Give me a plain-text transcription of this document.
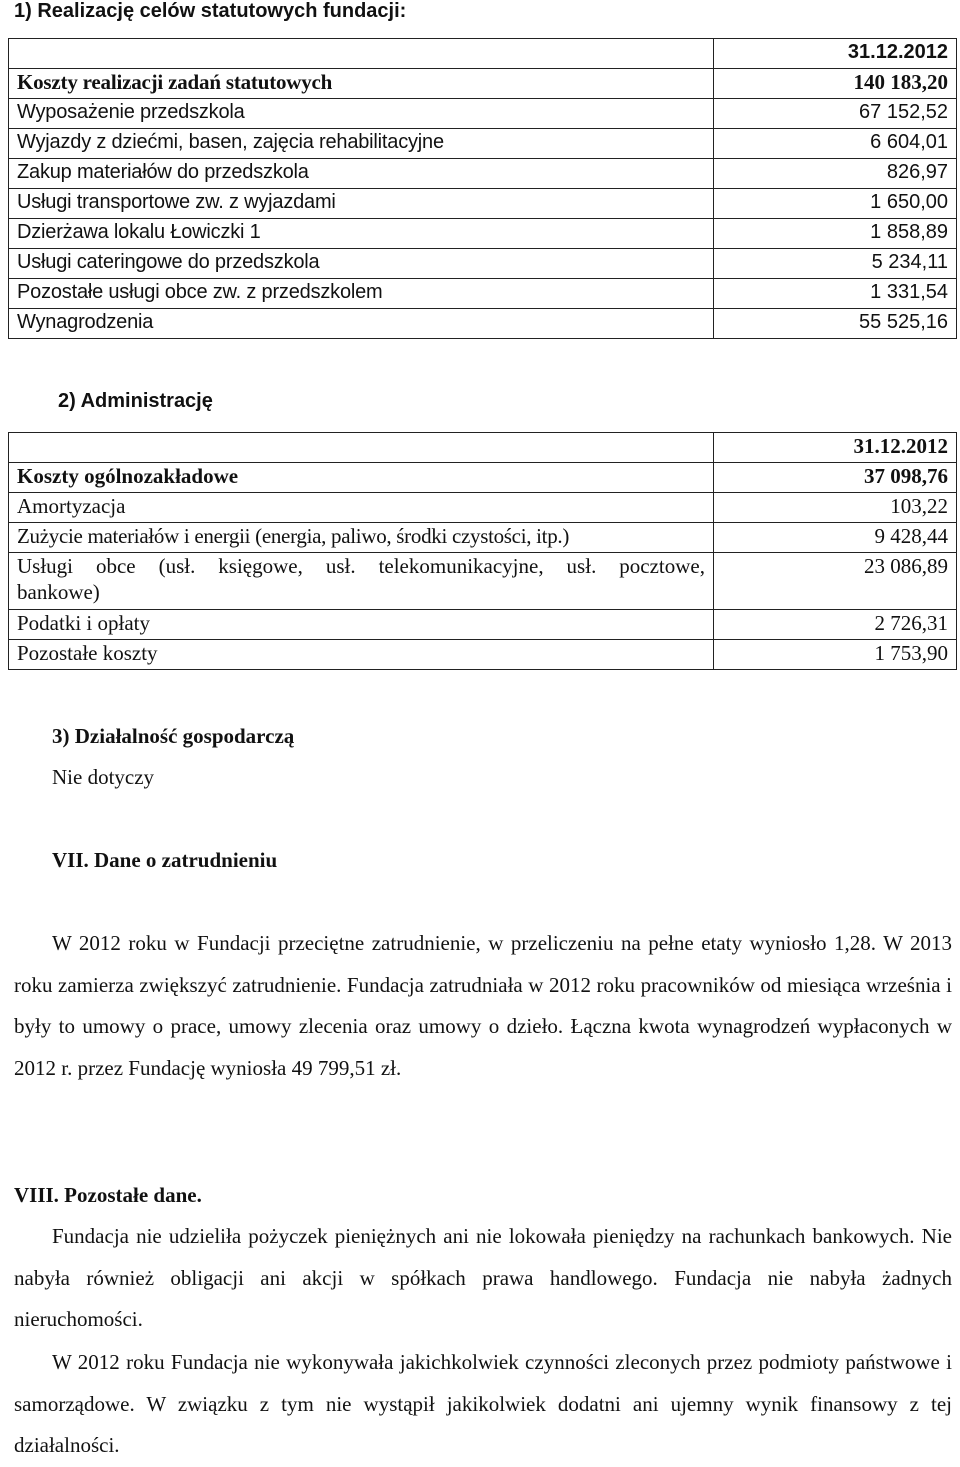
1) Realizację celów statutowych fundacji:
	31.12.2012
Koszty realizacji zadań statutowych	140 183,20
Wyposażenie przedszkola	67 152,52
Wyjazdy z dziećmi, basen, zajęcia rehabilitacyjne	6 604,01
Zakup materiałów do przedszkola	826,97
Usługi transportowe zw. z wyjazdami	1 650,00
Dzierżawa lokalu Łowiczki 1	1 858,89
Usługi cateringowe do przedszkola	5 234,11
Pozostałe usługi obce zw. z przedszkolem	1 331,54
Wynagrodzenia	55 525,16
2) Administrację
	31.12.2012
Koszty ogólnozakładowe	37 098,76
Amortyzacja	103,22
Zużycie materiałów i energii (energia, paliwo, środki czystości, itp.)	9 428,44

Usługi obce (usł. księgowe, usł. telekomunikacyjne, usł. pocztowe,
bankowe)	23 086,89
Podatki i opłaty	2 726,31
Pozostałe koszty	1 753,90
3) Działalność gospodarczą
Nie dotyczy
VII. Dane o zatrudnieniu
W 2012 roku w Fundacji przeciętne zatrudnienie, w przeliczeniu na pełne etaty wyniosło 1,28. W 2013 roku zamierza zwiększyć zatrudnienie. Fundacja zatrudniała w 2012 roku pracowników od miesiąca września i były to umowy o prace, umowy zlecenia oraz umowy o dzieło. Łączna kwota wynagrodzeń wypłaconych w 2012 r. przez Fundację wyniosła 49 799,51 zł.
VIII. Pozostałe dane.
Fundacja nie udzieliła pożyczek pieniężnych ani nie lokowała pieniędzy na rachunkach bankowych. Nie nabyła również obligacji ani akcji w spółkach prawa handlowego. Fundacja nie nabyła żadnych nieruchomości.
W 2012 roku Fundacja nie wykonywała jakichkolwiek czynności zleconych przez podmioty państwowe i samorządowe. W związku z tym nie wystąpił jakikolwiek dodatni ani ujemny wynik finansowy z tej działalności.
